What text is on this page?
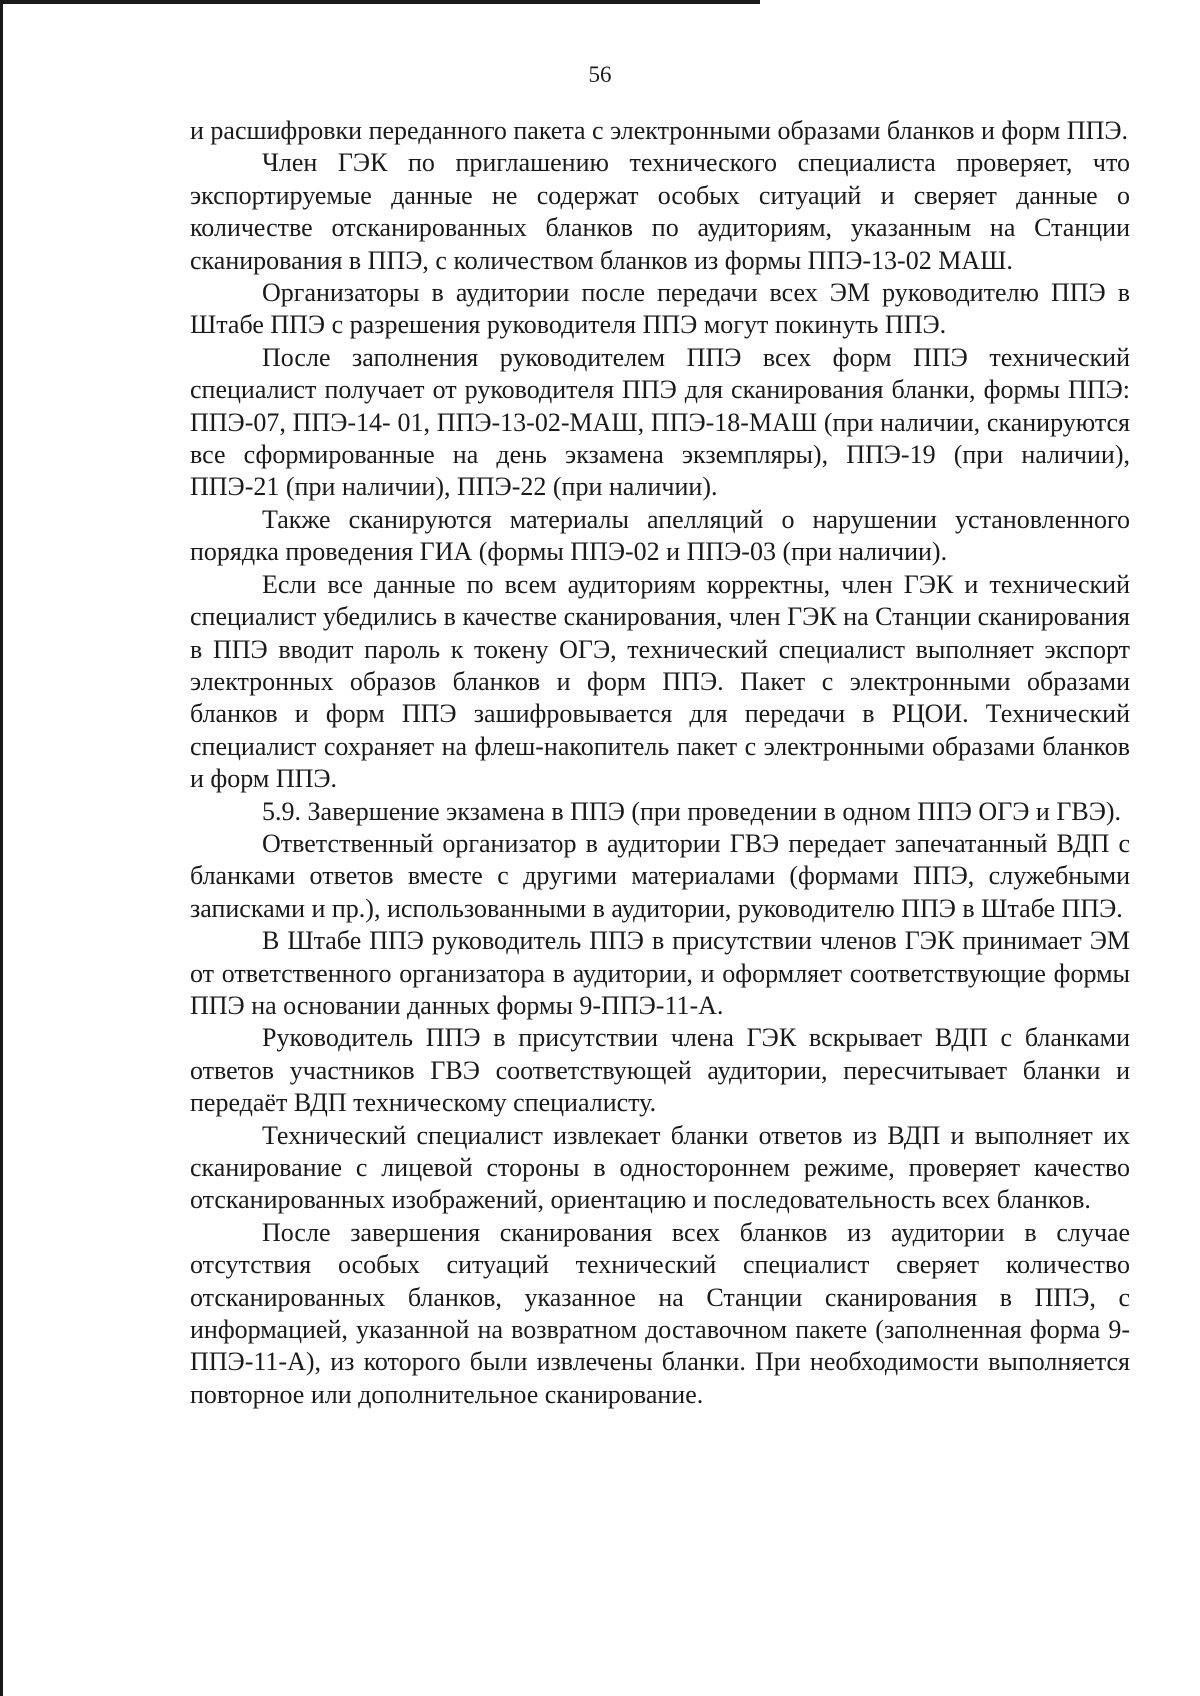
56

и расшифровки переданного пакета с электронными образами бланков и форм ППЭ.

Член ГЭК по приглашению технического специалиста проверяет, что экспортируемые данные не содержат особых ситуаций и сверяет данные о количестве отсканированных бланков по аудиториям, указанным на Станции сканирования в ППЭ, с количеством бланков из формы ППЭ-13-02 МАШ.

Организаторы в аудитории после передачи всех ЭМ руководителю ППЭ в Штабе ППЭ с разрешения руководителя ППЭ могут покинуть ППЭ.

После заполнения руководителем ППЭ всех форм ППЭ технический специалист получает от руководителя ППЭ для сканирования бланки, формы ППЭ: ППЭ-07, ППЭ-14- 01, ППЭ-13-02-МАШ, ППЭ-18-МАШ (при наличии, сканируются все сформированные на день экзамена экземпляры), ППЭ-19 (при наличии), ППЭ-21 (при наличии), ППЭ-22 (при наличии).

Также сканируются материалы апелляций о нарушении установленного порядка проведения ГИА (формы ППЭ-02 и ППЭ-03 (при наличии).

Если все данные по всем аудиториям корректны, член ГЭК и технический специалист убедились в качестве сканирования, член ГЭК на Станции сканирования в ППЭ вводит пароль к токену ОГЭ, технический специалист выполняет экспорт электронных образов бланков и форм ППЭ. Пакет с электронными образами бланков и форм ППЭ зашифровывается для передачи в РЦОИ. Технический специалист сохраняет на флеш-накопитель пакет с электронными образами бланков и форм ППЭ.

5.9. Завершение экзамена в ППЭ (при проведении в одном ППЭ ОГЭ и ГВЭ).

Ответственный организатор в аудитории ГВЭ передает запечатанный ВДП с бланками ответов вместе с другими материалами (формами ППЭ, служебными записками и пр.), использованными в аудитории, руководителю ППЭ в Штабе ППЭ.

В Штабе ППЭ руководитель ППЭ в присутствии членов ГЭК принимает ЭМ от ответственного организатора в аудитории, и оформляет соответствующие формы ППЭ на основании данных формы 9-ППЭ-11-А.

Руководитель ППЭ в присутствии члена ГЭК вскрывает ВДП с бланками ответов участников ГВЭ соответствующей аудитории, пересчитывает бланки и передаёт ВДП техническому специалисту.

Технический специалист извлекает бланки ответов из ВДП и выполняет их сканирование с лицевой стороны в одностороннем режиме, проверяет качество отсканированных изображений, ориентацию и последовательность всех бланков.

После завершения сканирования всех бланков из аудитории в случае отсутствия особых ситуаций технический специалист сверяет количество отсканированных бланков, указанное на Станции сканирования в ППЭ, с информацией, указанной на возвратном доставочном пакете (заполненная форма 9-ППЭ-11-А), из которого были извлечены бланки. При необходимости выполняется повторное или дополнительное сканирование.
